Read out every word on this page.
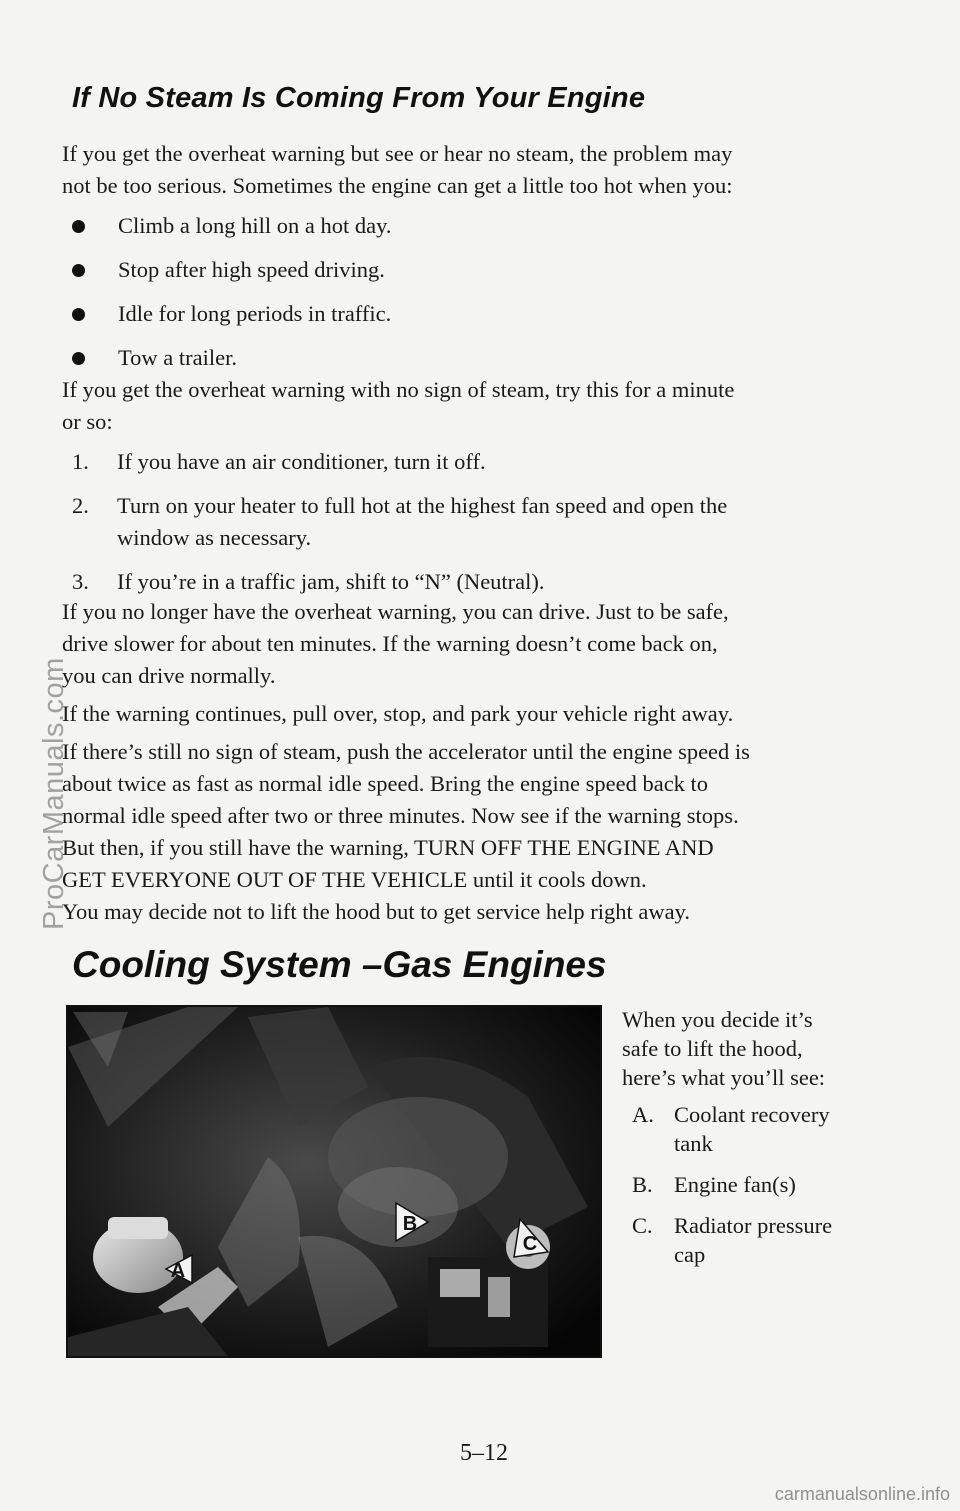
If No Steam Is Coming From Your Engine

If you get the overheat warning but see or hear no steam, the problem may
not be too serious. Sometimes the engine can get a little too hot when you:

Climb a long hill on a hot day.
Stop after high speed driving.
Idle for long periods in traffic.
Tow a trailer.

If you get the overheat warning with no sign of steam, try this for a minute
or so:

1. If you have an air conditioner, turn it off.
2. Turn on your heater to full hot at the highest fan speed and open the
window as necessary.
3. If you’re in a traffic jam, shift to “N” (Neutral).

If you no longer have the overheat warning, you can drive. Just to be safe,
drive slower for about ten minutes. If the warning doesn’t come back on,
you can drive normally.

If the warning continues, pull over, stop, and park your vehicle right away.

If there’s still no sign of steam, push the accelerator until the engine speed is
about twice as fast as normal idle speed. Bring the engine speed back to
normal idle speed after two or three minutes. Now see if the warning stops.
But then, if you still have the warning, TURN OFF THE ENGINE AND
GET EVERYONE OUT OF THE VEHICLE until it cools down.

You may decide not to lift the hood but to get service help right away.

Cooling System –Gas Engines
A
B
C
When you decide it’s
safe to lift the hood,
here’s what you’ll see:
A. Coolant recovery
tank
B. Engine fan(s)
C. Radiator pressure
cap
5–12
ProCarManuals.com
carmanualsonline.info
